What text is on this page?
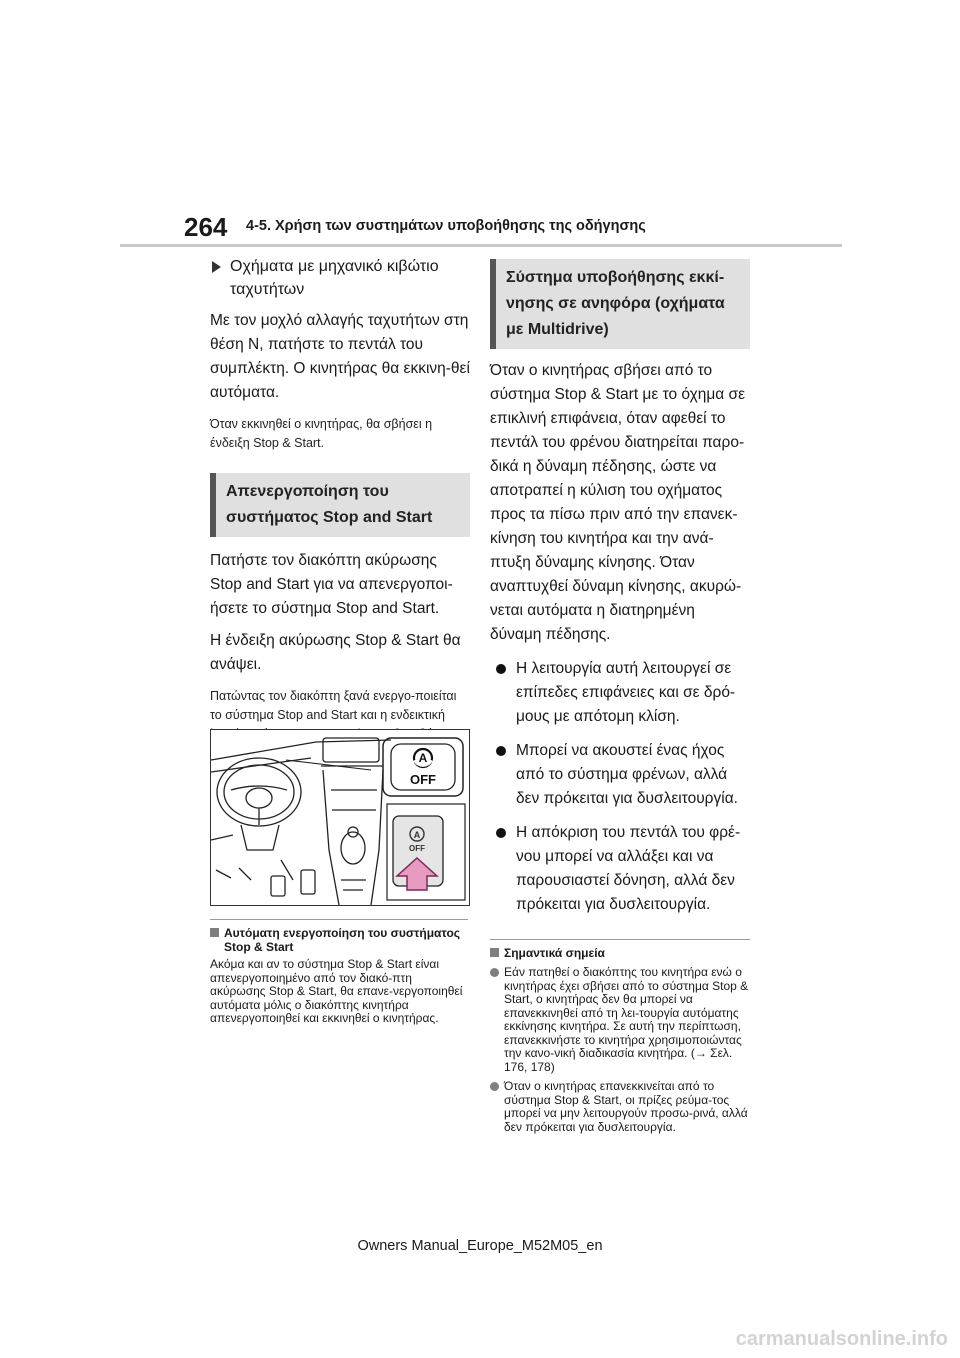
264 4-5. Χρήση των συστημάτων υποβοήθησης της οδήγησης

Οχήματα με μηχανικό κιβώτιο ταχυτήτων

Με τον μοχλό αλλαγής ταχυτήτων στη θέση Ν, πατήστε το πεντάλ του συμπλέκτη. Ο κινητήρας θα εκκινη-θεί αυτόματα.

Όταν εκκινηθεί ο κινητήρας, θα σβήσει η ένδειξη Stop & Start.

Απενεργοποίηση του συστήματος Stop and Start

Πατήστε τον διακόπτη ακύρωσης Stop and Start για να απενεργοποι-ήσετε το σύστημα Stop and Start.

Η ένδειξη ακύρωσης Stop & Start θα ανάψει.

Πατώντας τον διακόπτη ξανά ενεργο-ποιείται το σύστημα Stop and Start και η ενδεικτική

A
OFF
A
OFF
Αυτόματη ενεργοποίηση του συστήματος Stop & Start
Ακόμα και αν το σύστημα Stop & Start είναι απενεργοποιημένο από τον διακό-πτη ακύρωσης Stop & Start, θα επανε-νεργοποιηθεί αυτόματα μόλις ο διακόπτης κινητήρα απενεργοποιηθεί και εκκινηθεί ο κινητήρας.
Σύστημα υποβοήθησης εκκί-νησης σε ανηφόρα (οχήματα με Multidrive)

Όταν ο κινητήρας σβήσει από το σύστημα Stop & Start με το όχημα σε επικλινή επιφάνεια, όταν αφεθεί το πεντάλ του φρένου διατηρείται παρο-δικά η δύναμη πέδησης, ώστε να αποτραπεί η κύλιση του οχήματος προς τα πίσω πριν από την επανεκ-κίνηση του κινητήρα και την ανά-πτυξη δύναμης κίνησης. Όταν αναπτυχθεί δύναμη κίνησης, ακυρώ-νεται αυτόματα η διατηρημένη δύναμη πέδησης.

Η λειτουργία αυτή λειτουργεί σε επίπεδες επιφάνειες και σε δρό-μους με απότομη κλίση.
Μπορεί να ακουστεί ένας ήχος από το σύστημα φρένων, αλλά δεν πρόκειται για δυσλειτουργία.
Η απόκριση του πεντάλ του φρέ-νου μπορεί να αλλάξει και να παρουσιαστεί δόνηση, αλλά δεν πρόκειται για δυσλειτουργία.
Σημαντικά σημεία
Εάν πατηθεί ο διακόπτης του κινητήρα ενώ ο κινητήρας έχει σβήσει από το σύστημα Stop & Start, ο κινητήρας δεν θα μπορεί να επανεκκινηθεί από τη λει-τουργία αυτόματης εκκίνησης κινητήρα. Σε αυτή την περίπτωση, επανεκκινήστε το κινητήρα χρησιμοποιώντας την κανο-νική διαδικασία κινητήρα. (→ Σελ. 176, 178)
Όταν ο κινητήρας επανεκκινείται από το σύστημα Stop & Start, οι πρίζες ρεύμα-τος μπορεί να μην λειτουργούν προσω-ρινά, αλλά δεν πρόκειται για δυσλειτουργία.
Owners Manual_Europe_M52M05_en
carmanualsonline.info
